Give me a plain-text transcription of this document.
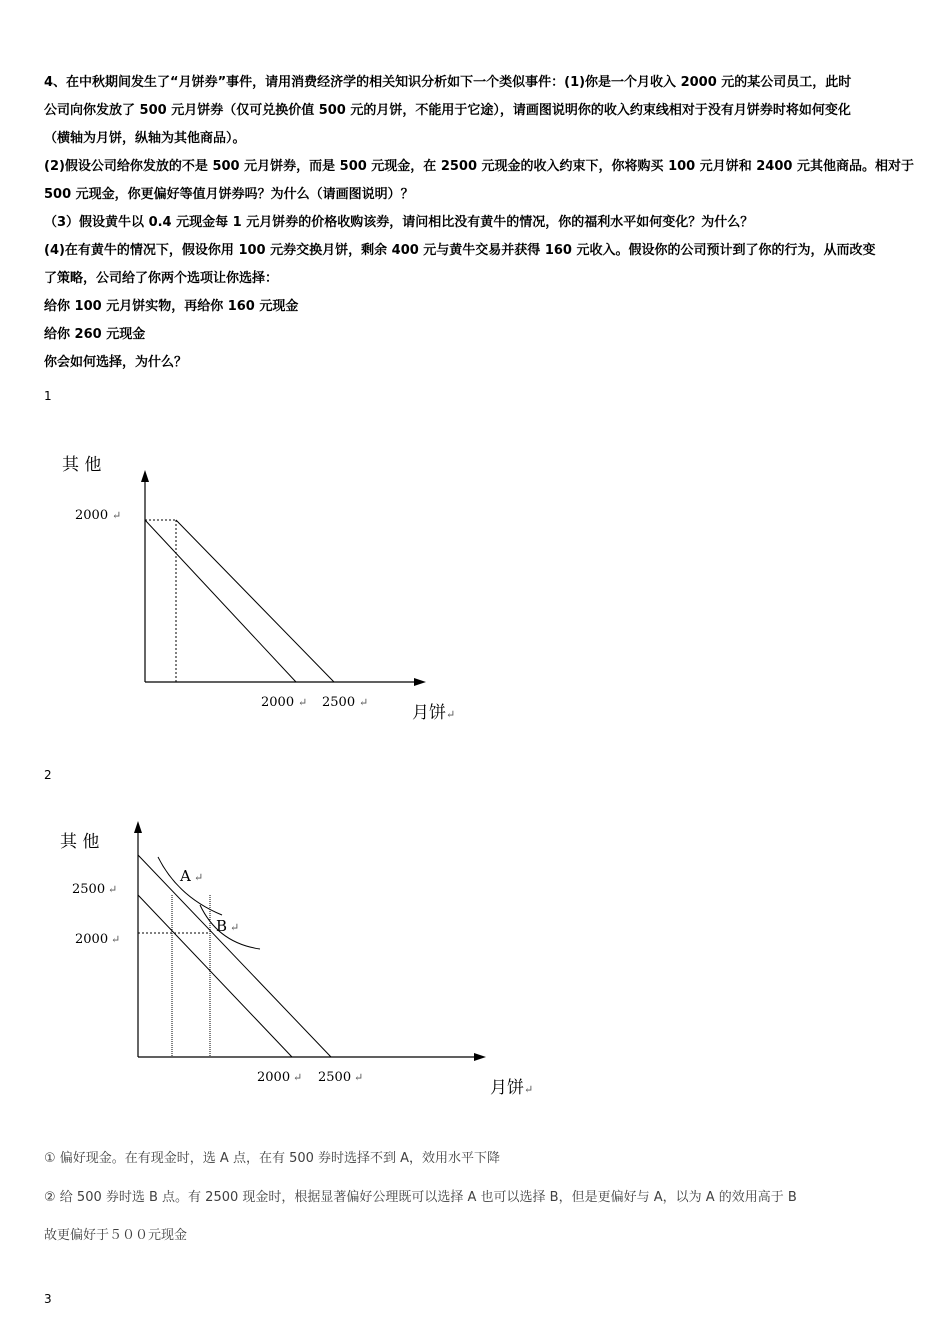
4、在中秋期间发生了“月饼券”事件，请用消费经济学的相关知识分析如下一个类似事件：(1)你是一个月收入 2000 元的某公司员工，此时

公司向你发放了 500 元月饼券（仅可兑换价值 500 元的月饼，不能用于它途），请画图说明你的收入约束线相对于没有月饼券时将如何变化

（横轴为月饼，纵轴为其他商品）。

(2)假设公司给你发放的不是 500 元月饼券，而是 500 元现金，在 2500 元现金的收入约束下，你将购买 100 元月饼和 2400 元其他商品。相对于

500 元现金，你更偏好等值月饼券吗？为什么（请画图说明）？

（3）假设黄牛以 0.4 元现金每 1 元月饼券的价格收购该券，请问相比没有黄牛的情况，你的福利水平如何变化？为什么？

(4)在有黄牛的情况下，假设你用 100 元券交换月饼，剩余 400 元与黄牛交易并获得 160 元收入。假设你的公司预计到了你的行为，从而改变

了策略，公司给了你两个选项让你选择：

给你 100 元月饼实物，再给你 160 元现金

给你 260 元现金

你会如何选择，为什么？

1
其 他
2000 ↵
2000 ↵ 2500 ↵
月饼 ↵
2
其 他
A ↵
B ↵
2500 ↵
2000 ↵
2000 ↵ 2500 ↵
月饼 ↵
① 偏好现金。在有现金时，选 A 点，在有 500 券时选择不到 A，效用水平下降
② 给 500 券时选 B 点。有 2500 现金时，根据显著偏好公理既可以选择 A 也可以选择 B，但是更偏好与 A，以为 A 的效用高于 B
故更偏好于５００元现金
3
